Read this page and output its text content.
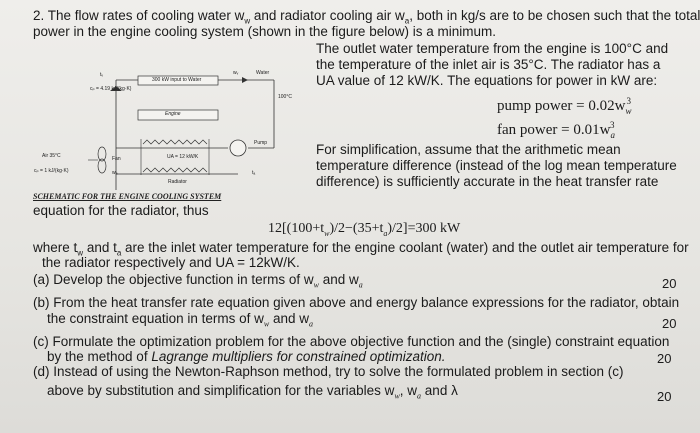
2. The flow rates of cooling water $w_w$ and radiator cooling air $w_a$, both in kg/s are to be chosen such that the total
power in the engine cooling system (shown in the figure below) is a minimum.
The outlet water temperature from the engine is 100°C and
the temperature of the inlet air is 35°C. The radiator has a
UA value of 12 kW/K. The equations for power in kW are:
pump power = $0.02w_w^3$
fan power = $0.01w_a^3$
For simplification, assume that the arithmetic mean
temperature difference (instead of the log mean temperature
difference) is sufficiently accurate in the heat transfer rate
300 kW input to Water
Engine
Water
wᵥ
100°C
cₚ = 4.19 kJ/(kg·K)
tᵥ
Pump
UA = 12 kW/K
Radiator
Air 35°C
cₚ = 1 kJ/(kg·K)
Fan
wₐ	tₐ
SCHEMATIC FOR THE ENGINE COOLING SYSTEM
equation for the radiator, thus
$12[(100+t_w)/2-(35+t_a)/2]=300$ kW
where $t_w$ and $t_a$ are the inlet water temperature for the engine coolant (water) and the outlet air temperature for
the radiator respectively and UA = 12kW/K.
(a) Develop the objective function in terms of $w_w$ and $w_a$	20
(b) From the heat transfer rate equation given above and energy balance expressions for the radiator, obtain
the constraint equation in terms of $w_w$ and $w_a$	20
(c) Formulate the optimization problem for the above objective function and the (single) constraint equation
by the method of Lagrange multipliers for constrained optimization.	20
(d) Instead of using the Newton-Raphson method, try to solve the formulated problem in section (c)
above by substitution and simplification for the variables $w_w$, $w_a$ and λ	20
